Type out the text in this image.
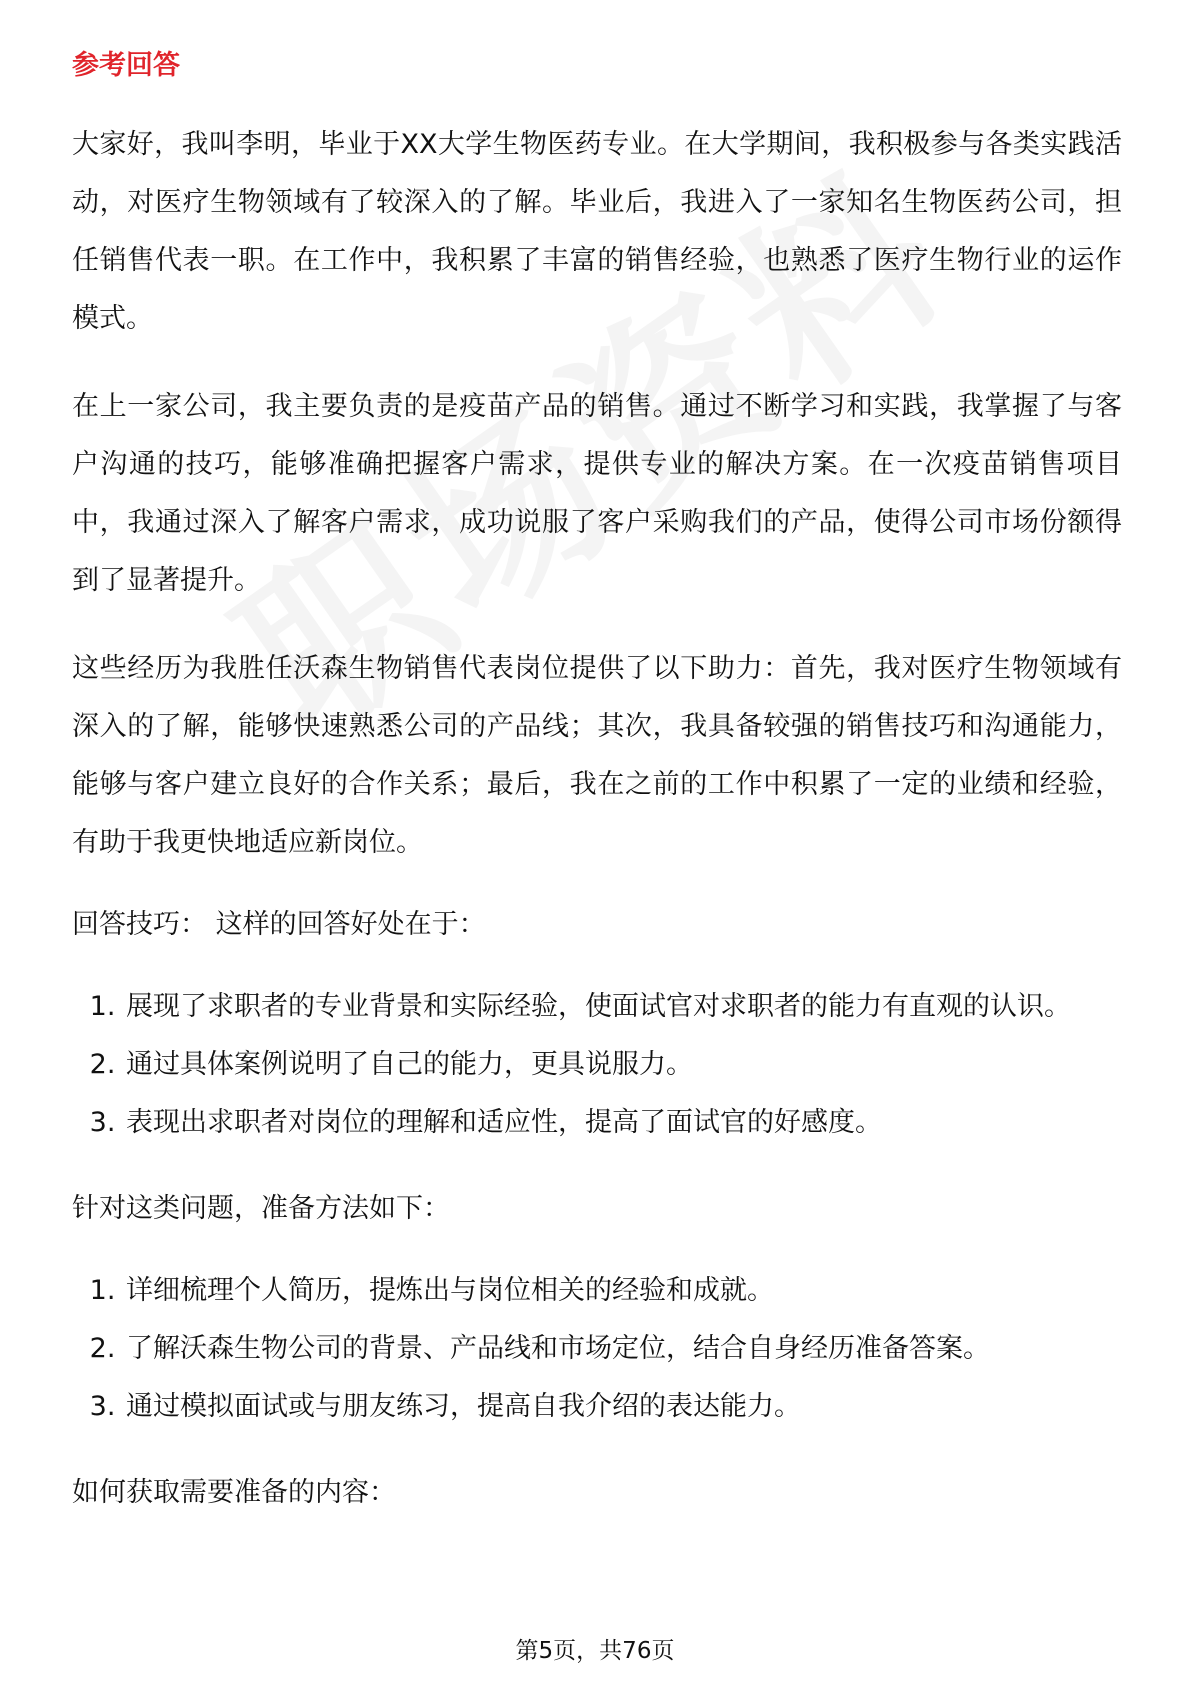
参考回答

大家好，我叫李明，毕业于XX大学生物医药专业。在大学期间，我积极参与各类实践活动，对医疗生物领域有了较深入的了解。毕业后，我进入了一家知名生物医药公司，担任销售代表一职。在工作中，我积累了丰富的销售经验，也熟悉了医疗生物行业的运作模式。

在上一家公司，我主要负责的是疫苗产品的销售。通过不断学习和实践，我掌握了与客户沟通的技巧，能够准确把握客户需求，提供专业的解决方案。在一次疫苗销售项目中，我通过深入了解客户需求，成功说服了客户采购我们的产品，使得公司市场份额得到了显著提升。

这些经历为我胜任沃森生物销售代表岗位提供了以下助力：首先，我对医疗生物领域有深入的了解，能够快速熟悉公司的产品线；其次，我具备较强的销售技巧和沟通能力，能够与客户建立良好的合作关系；最后，我在之前的工作中积累了一定的业绩和经验，有助于我更快地适应新岗位。

回答技巧： 这样的回答好处在于：

1. 展现了求职者的专业背景和实际经验，使面试官对求职者的能力有直观的认识。
2. 通过具体案例说明了自己的能力，更具说服力。
3. 表现出求职者对岗位的理解和适应性，提高了面试官的好感度。

针对这类问题，准备方法如下：

1. 详细梳理个人简历，提炼出与岗位相关的经验和成就。
2. 了解沃森生物公司的背景、产品线和市场定位，结合自身经历准备答案。
3. 通过模拟面试或与朋友练习，提高自我介绍的表达能力。

如何获取需要准备的内容：

第5页，共76页
